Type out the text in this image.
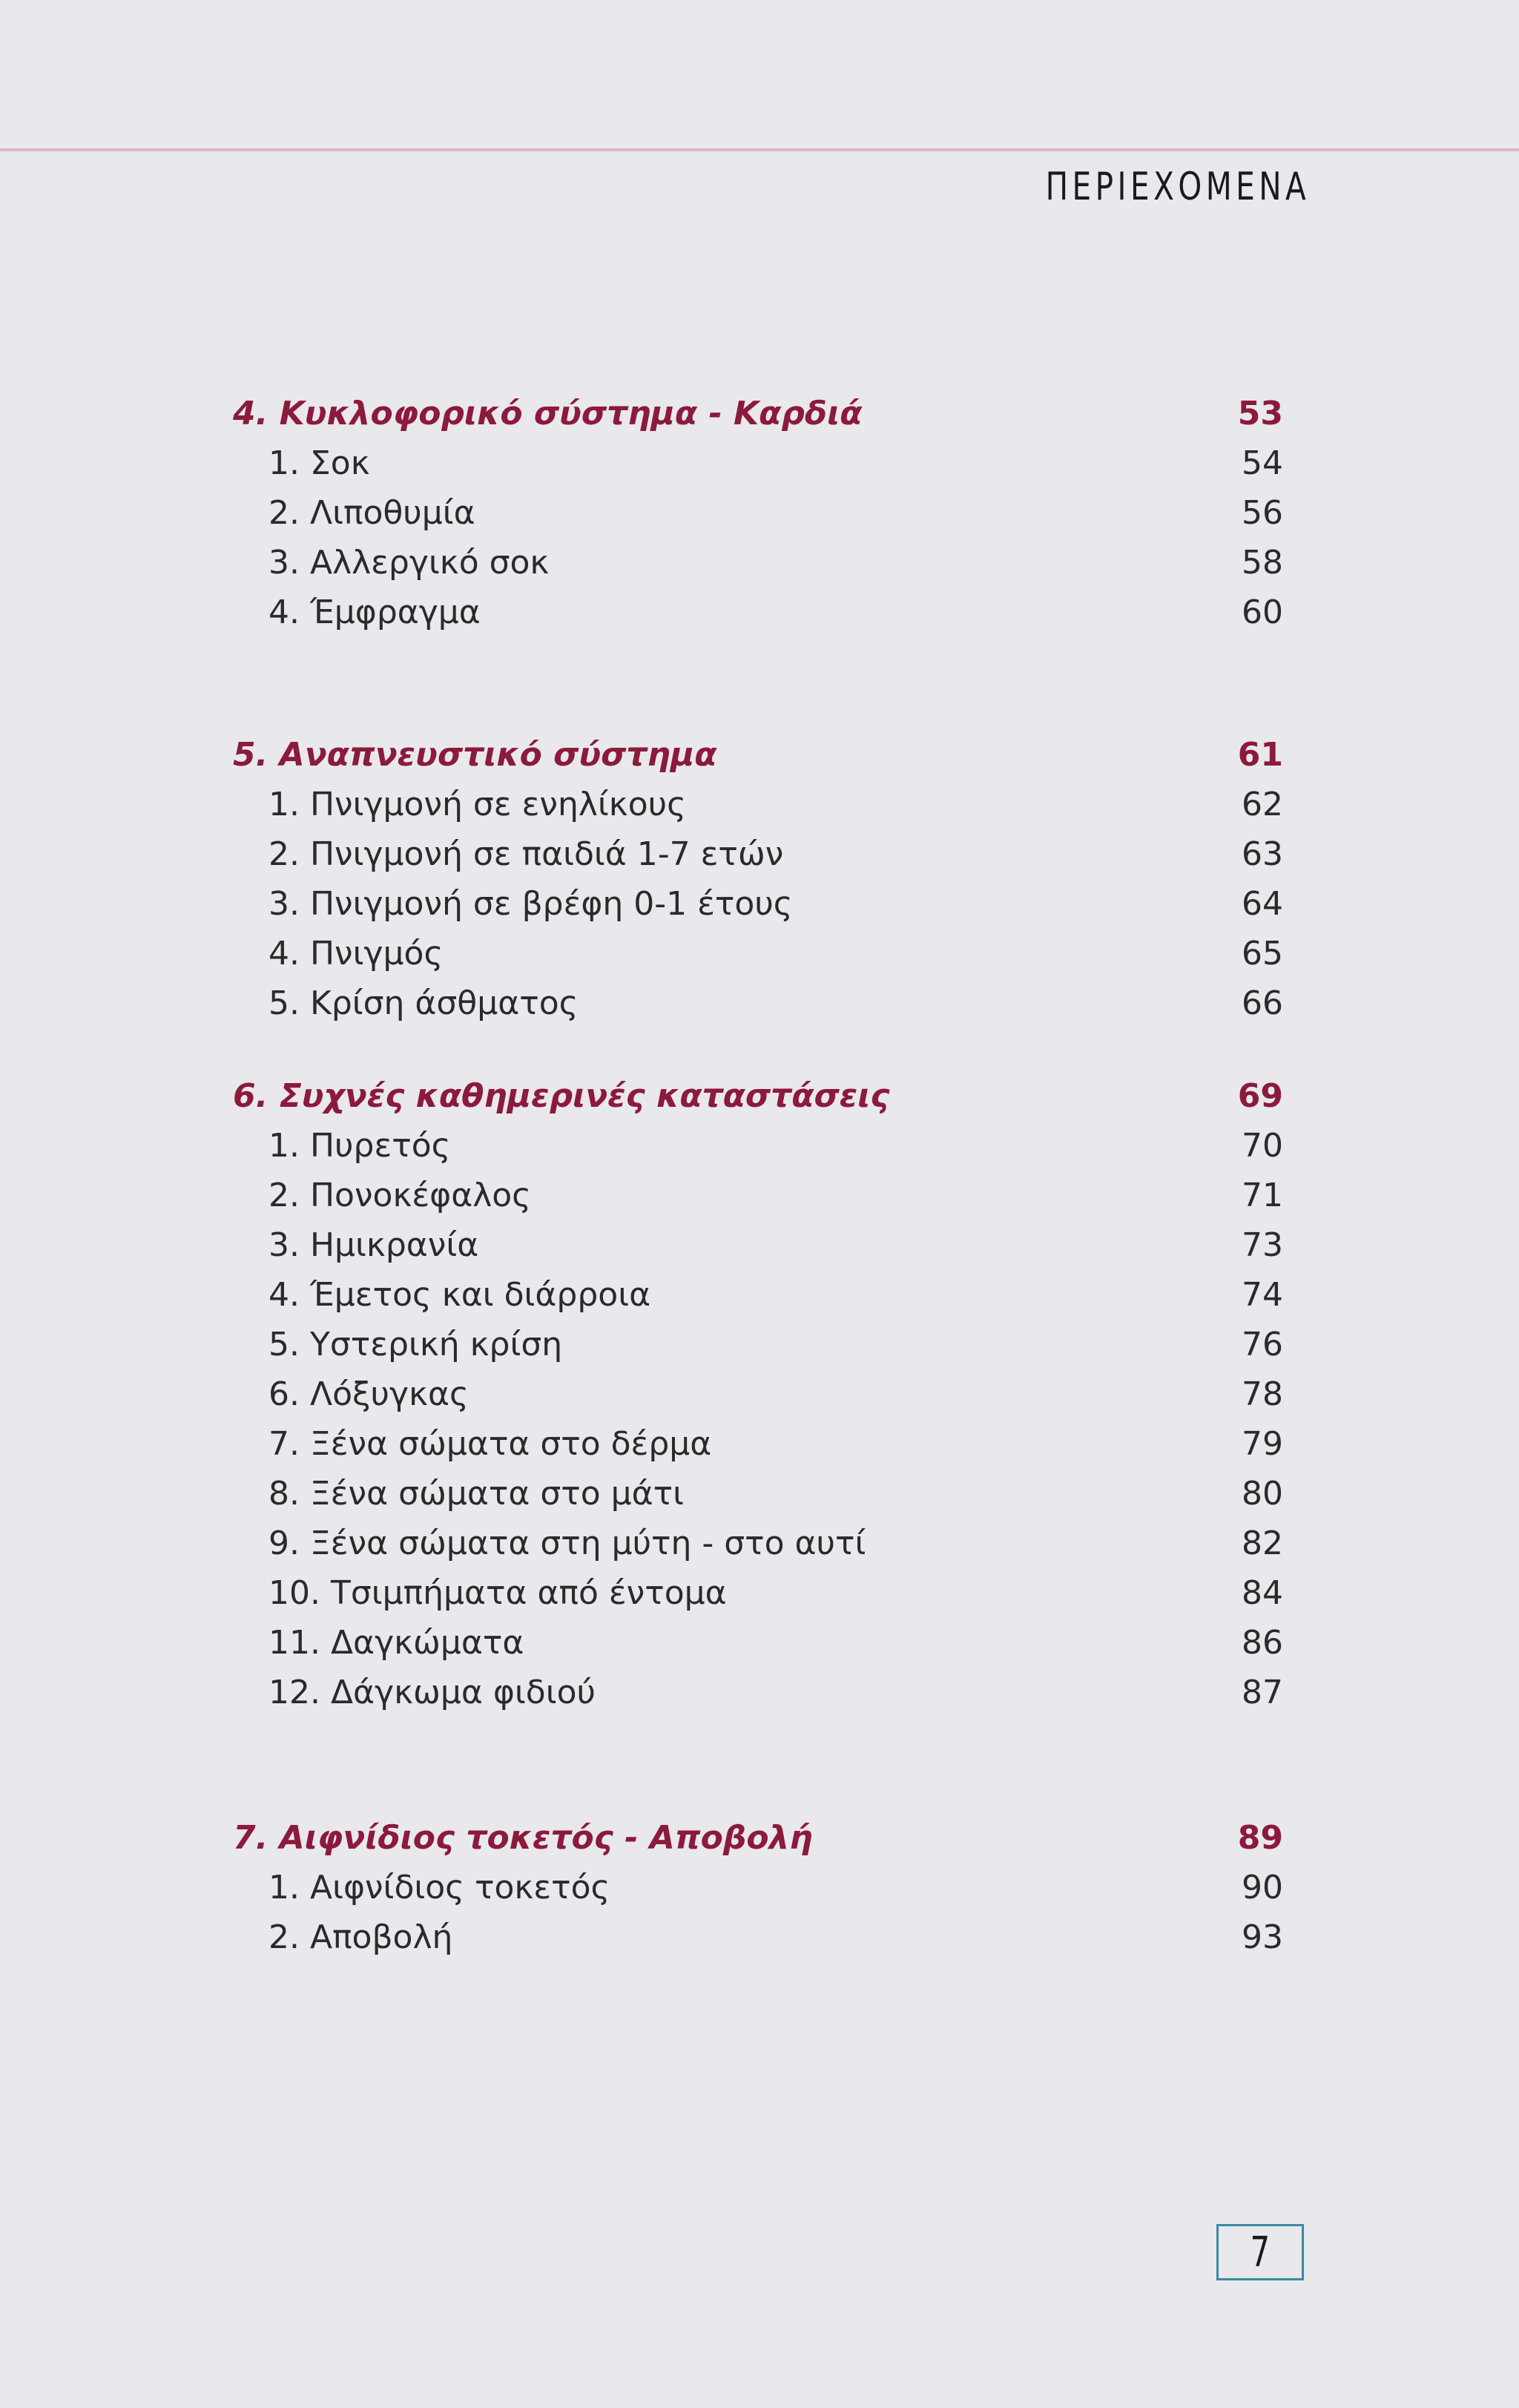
ΠΕΡΙΕΧΟΜΕΝΑ
4. Κυκλοφορικό σύστημα - Καρδιά	53
1. Σοκ	54
2. Λιποθυμία	56
3. Αλλεργικό σοκ	58
4. Έμφραγμα	60
5. Αναπνευστικό σύστημα	61
1. Πνιγμονή σε ενηλίκους	62
2. Πνιγμονή σε παιδιά 1-7 ετών	63
3. Πνιγμονή σε βρέφη 0-1 έτους	64
4. Πνιγμός	65
5. Κρίση άσθματος	66
6. Συχνές καθημερινές καταστάσεις	69
1. Πυρετός	70
2. Πονοκέφαλος	71
3. Ημικρανία	73
4. Έμετος και διάρροια	74
5. Υστερική κρίση	76
6. Λόξυγκας	78
7. Ξένα σώματα στο δέρμα	79
8. Ξένα σώματα στο μάτι	80
9. Ξένα σώματα στη μύτη - στο αυτί	82
10. Τσιμπήματα από έντομα	84
11. Δαγκώματα	86
12. Δάγκωμα φιδιού	87
7. Αιφνίδιος τοκετός - Αποβολή	89
1. Αιφνίδιος τοκετός	90
2. Αποβολή	93
7
